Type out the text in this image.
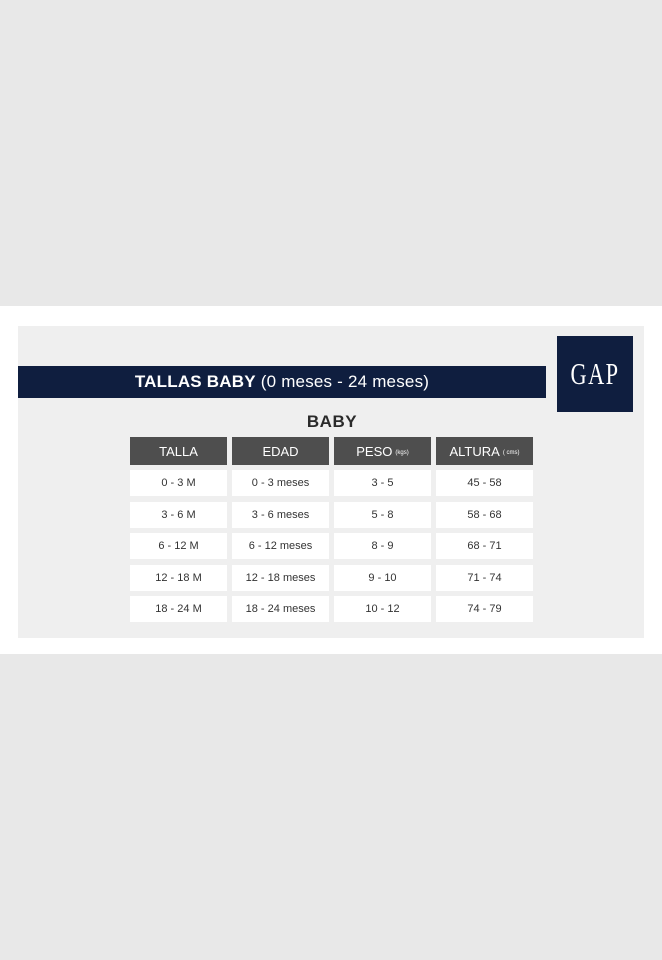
TALLAS BABY (0 meses - 24 meses)	GAP
BABY
TALLA	EDAD	PESO (kgs)	ALTURA ( cms)
0 - 3 M	0 - 3 meses	3 - 5	45 - 58
3 - 6 M	3 - 6 meses	5 - 8	58 - 68
6 - 12 M	6 - 12 meses	8 - 9	68 - 71
12 - 18 M	12 - 18 meses	9 - 10	71 - 74
18 - 24 M	18 - 24 meses	10 - 12	74 - 79
